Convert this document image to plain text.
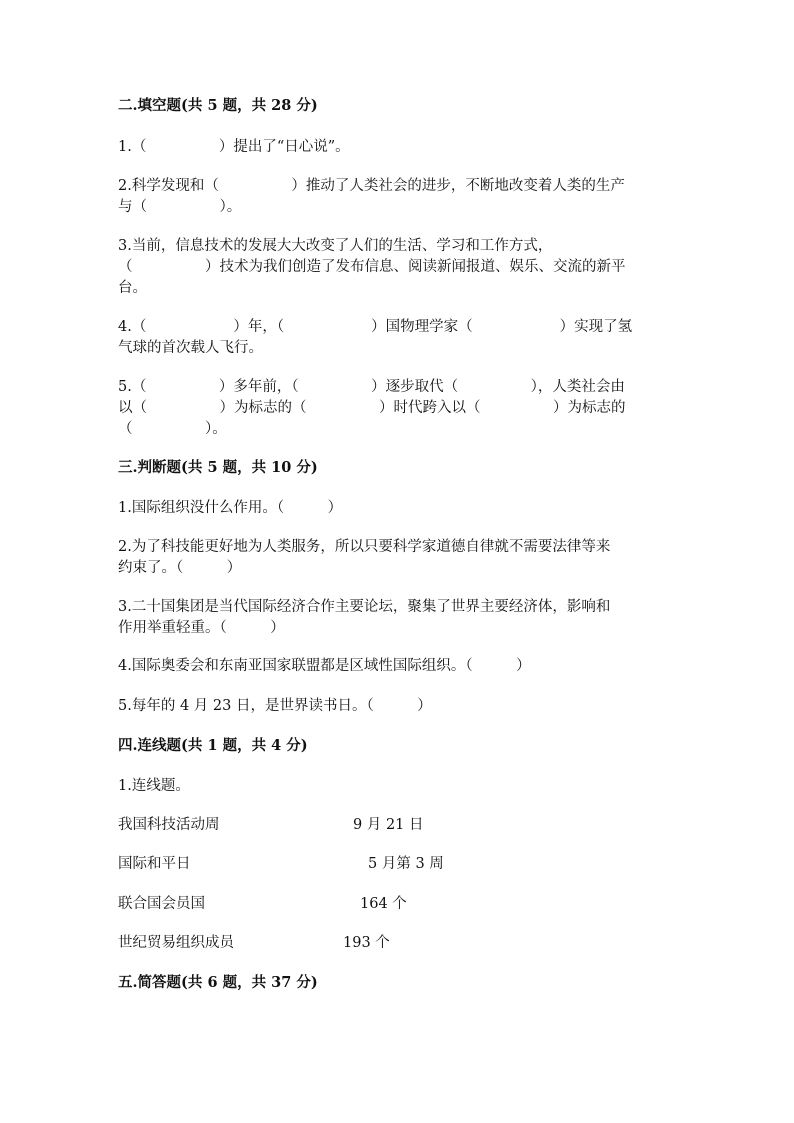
二.填空题(共 5 题，共 28 分)
1.（　　　　　）提出了“日心说”。
2.科学发现和（　　　　　）推动了人类社会的进步，不断地改变着人类的生产
与（　　　　　）。
3.当前，信息技术的发展大大改变了人们的生活、学习和工作方式，
（　　　　　）技术为我们创造了发布信息、阅读新闻报道、娱乐、交流的新平
台。
4.（　　　　　　）年，（　　　　　　）国物理学家（　　　　　　）实现了氢
气球的首次载人飞行。
5.（　　　　　）多年前，（　　　　　）逐步取代（　　　　　），人类社会由
以（　　　　　）为标志的（　　　　　）时代跨入以（　　　　　）为标志的
（　　　　　）。
三.判断题(共 5 题，共 10 分)
1.国际组织没什么作用。（　　　）
2.为了科技能更好地为人类服务，所以只要科学家道德自律就不需要法律等来
约束了。（　　　）
3.二十国集团是当代国际经济合作主要论坛，聚集了世界主要经济体，影响和
作用举重轻重。（　　　）
4.国际奥委会和东南亚国家联盟都是区域性国际组织。（　　　）
5.每年的 4 月 23 日，是世界读书日。（　　　）
四.连线题(共 1 题，共 4 分)
1.连线题。
我国科技活动周	9 月 21 日
国际和平日	5 月第 3 周
联合国会员国	164 个
世纪贸易组织成员	193 个
五.简答题(共 6 题，共 37 分)
